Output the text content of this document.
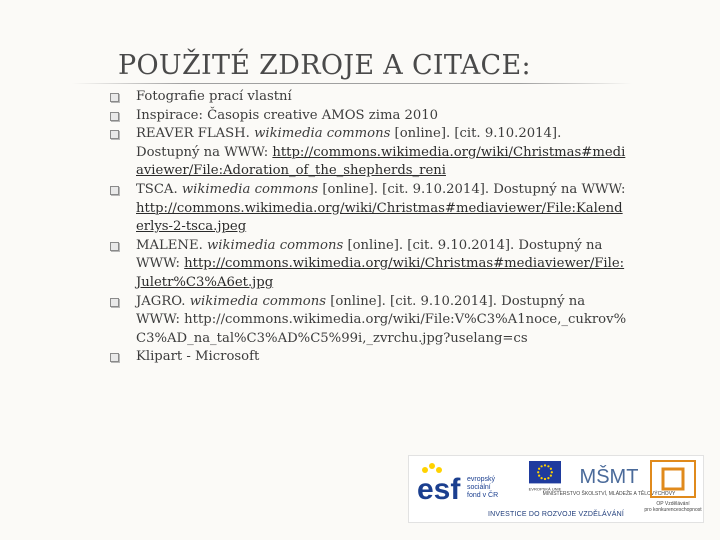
POUŽITÉ ZDROJE A CITACE:
Fotografie prací vlastní
Inspirace: Časopis creative AMOS zima 2010
REAVER FLASH. wikimedia commons [online]. [cit. 9.10.2014]. Dostupný na WWW: http://commons.wikimedia.org/wiki/Christmas#mediaviewer/File:Adoration_of_the_shepherds_reni
TSCA. wikimedia commons [online]. [cit. 9.10.2014]. Dostupný na WWW: http://commons.wikimedia.org/wiki/Christmas#mediaviewer/File:Kalenderlys-2-tsca.jpeg
MALENE. wikimedia commons [online]. [cit. 9.10.2014]. Dostupný na WWW: http://commons.wikimedia.org/wiki/Christmas#mediaviewer/File:Juletr%C3%A6et.jpg
JAGRO. wikimedia commons [online]. [cit. 9.10.2014]. Dostupný na WWW: http://commons.wikimedia.org/wiki/File:V%C3%A1noce,_cukrov%C3%AD_na_tal%C3%AD%C5%99i,_zvrchu.jpg?uselang=cs
Klipart - Microsoft
esf evropský
sociální
fond v ČR
EVROPSKÁ UNIE
MŠMT
MINISTERSTVO ŠKOLSTVÍ, MLÁDEŽE A TĚLOVÝCHOVY
OP Vzdělávání
pro konkurenceschopnost
INVESTICE DO ROZVOJE VZDĚLÁVÁNÍ
